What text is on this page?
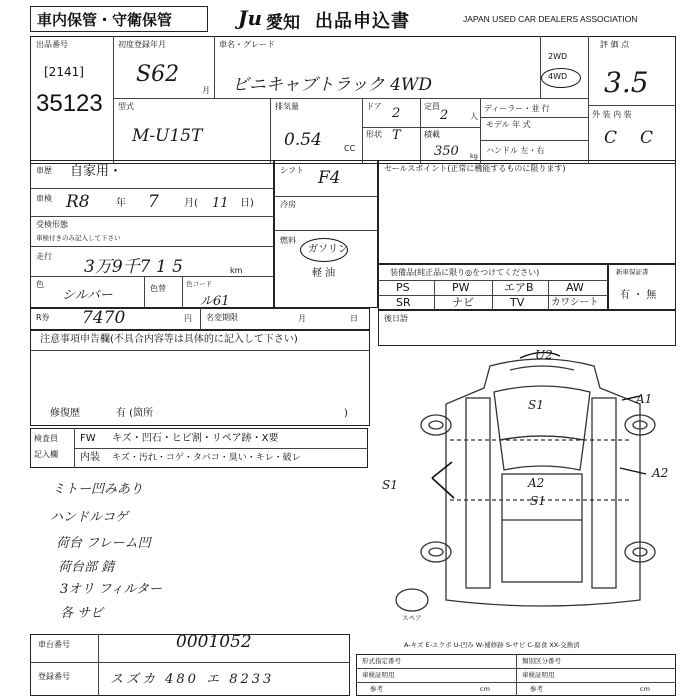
車内保管・守衛保管	Ju 愛知 出品申込書	JAPAN USED CAR DEALERS ASSOCIATION
出品番号
[2141]
35123
初度登録年月
S62
月
車名・グレード
ビニキャブトラック 4WD
2WD
4WD
評 価 点
3.5
外 装 内 装
C C
型式
M-U15T
排気量
0.54	CC
ドア 2
形状 T
定員
2	人
積載
350 kg
ディーラー・並 行
モデル 年 式
ハンドル 左・右
車歴 自家用・
車検 R8	年 7	月( 11 日)
受検形態
車検付きのみ記入して下さい
走行
3万9千7 1 5	km
色
シルバー	色替	色コード
ル61
シフト F4
冷房
燃料
ガソリン
軽 油
セールスポイント(正常に機能するものに限ります)
装備品(純正品に限り◎をつけてください)
PS	PW	エアB	AW
SR	ナビ	TV	カワシート
新車保証書
有 ・ 無
R券 7470	円 名変期限	月	日	後日語
注意事項申告欄(不具合内容等は具体的に記入して下さい)
修復歴	有 (箇所	)
検査員
記入欄
FW キズ・凹石・ヒビ割・リペア跡・X要
内装 キズ・汚れ・コゲ・タバコ・臭い・キレ・破レ
ミトー凹みあり
ハンドルコゲ
荷台 フレーム凹
荷台部 錆
3オリ フィルター
各 サビ
U2
S1	A1
S1	A2
S1
A2
スペア
A-キズ E-エクボ U-凹み W-補修跡 S-サビ C-腐食 XX-交換済
車台番号	0001052
登録番号	スズカ 480 エ 8233
形式指定番号	類別区分番号
車検証明用	車検証明用
参考	cm	参考	cm
